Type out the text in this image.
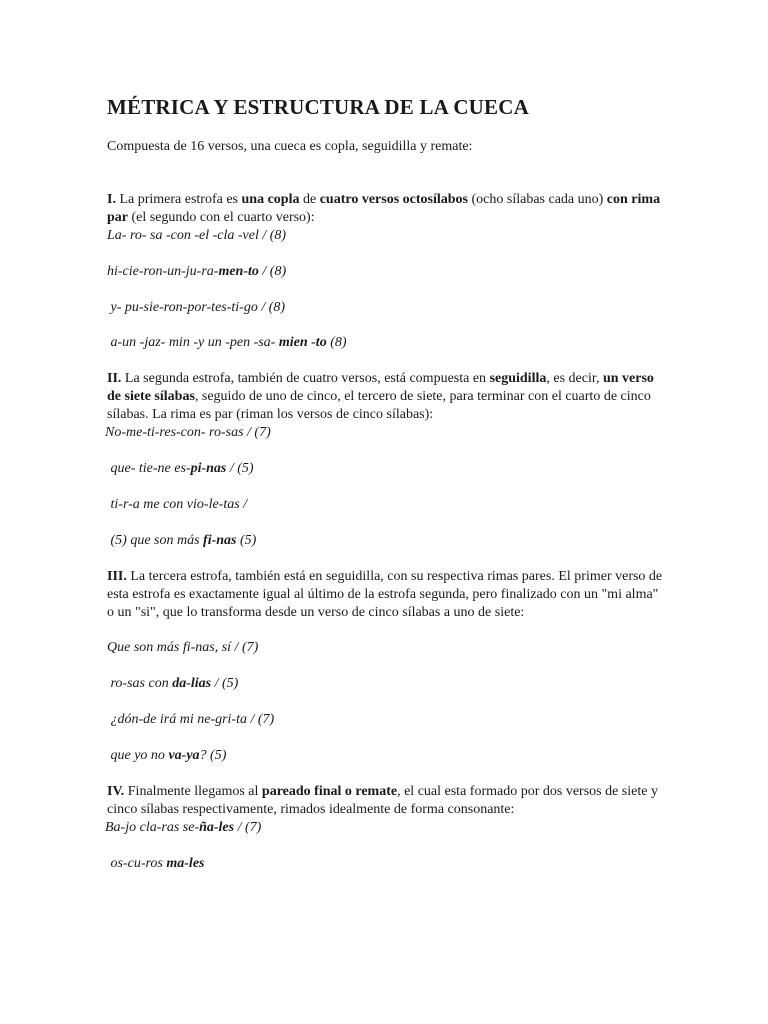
MÉTRICA Y ESTRUCTURA DE LA CUECA

Compuesta de 16 versos, una cueca es copla, seguidilla y remate:

I. La primera estrofa es una copla de cuatro versos octosílabos (ocho sílabas cada uno) con rima par (el segundo con el cuarto verso):

La- ro- sa -con -el -cla -vel / (8)

hi-cie-ron-un-ju-ra-men-to / (8)

y- pu-sie-ron-por-tes-ti-go / (8)

a-un -jaz- min -y un -pen -sa- mien -to (8)

II. La segunda estrofa, también de cuatro versos, está compuesta en seguidilla, es decir, un verso de siete sílabas, seguido de uno de cinco, el tercero de siete, para terminar con el cuarto de cinco sílabas. La rima es par (riman los versos de cinco sílabas):

No-me-ti-res-con- ro-sas / (7)

que- tie-ne es-pi-nas / (5)

ti-r-a me con vio-le-tas /

(5) que son más fi-nas (5)

III. La tercera estrofa, también está en seguidilla, con su respectiva rimas pares. El primer verso de esta estrofa es exactamente igual al último de la estrofa segunda, pero finalizado con un "mi alma" o un "si", que lo transforma desde un verso de cinco sílabas a uno de siete:

Que son más fi-nas, sí / (7)

ro-sas con da-lias / (5)

¿dón-de irá mi ne-gri-ta / (7)

que yo no va-ya? (5)

IV. Finalmente llegamos al pareado final o remate, el cual esta formado por dos versos de siete y cinco sílabas respectivamente, rimados idealmente de forma consonante:

Ba-jo cla-ras se-ña-les / (7)

os-cu-ros ma-les
